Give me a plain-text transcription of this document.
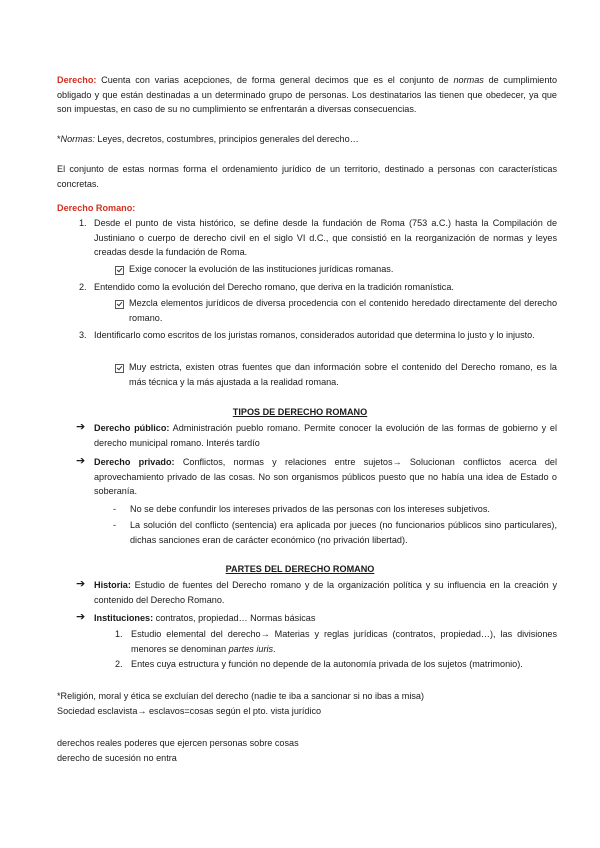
Derecho: Cuenta con varias acepciones, de forma general decimos que es el conjunto de normas de cumplimiento obligado y que están destinadas a un determinado grupo de personas. Los destinatarios las tienen que obedecer, ya que son impuestas, en caso de su no cumplimiento se enfrentarán a diversas consecuencias.
*Normas: Leyes, decretos, costumbres, principios generales del derecho…
El conjunto de estas normas forma el ordenamiento jurídico de un territorio, destinado a personas con características concretas.
Derecho Romano:
1. Desde el punto de vista histórico, se define desde la fundación de Roma (753 a.C.) hasta la Compilación de Justiniano o cuerpo de derecho civil en el siglo VI d.C., que consistió en la reorganización de normas y leyes creadas desde la fundación de Roma.
Exige conocer la evolución de las instituciones jurídicas romanas.
2. Entendido como la evolución del Derecho romano, que deriva en la tradición romanística.
Mezcla elementos jurídicos de diversa procedencia con el contenido heredado directamente del derecho romano.
3. Identificarlo como escritos de los juristas romanos, considerados autoridad que determina lo justo y lo injusto.
Muy estricta, existen otras fuentes que dan información sobre el contenido del Derecho romano, es la más técnica y la más ajustada a la realidad romana.
TIPOS DE DERECHO ROMANO
➔ Derecho público: Administración pueblo romano. Permite conocer la evolución de las formas de gobierno y el derecho municipal romano. Interés tardío
➔ Derecho privado: Conflictos, normas y relaciones entre sujetos→ Solucionan conflictos acerca del aprovechamiento privado de las cosas. No son organismos públicos puesto que no había una idea de Estado o soberanía.
- No se debe confundir los intereses privados de las personas con los intereses subjetivos.
- La solución del conflicto (sentencia) era aplicada por jueces (no funcionarios públicos sino particulares), dichas sanciones eran de carácter económico (no privación libertad).
PARTES DEL DERECHO ROMANO
➔ Historia: Estudio de fuentes del Derecho romano y de la organización política y su influencia en la creación y contenido del Derecho Romano.
➔ Instituciones: contratos, propiedad… Normas básicas
1. Estudio elemental del derecho→ Materias y reglas jurídicas (contratos, propiedad…), las divisiones menores se denominan partes iuris.
2. Entes cuya estructura y función no depende de la autonomía privada de los sujetos (matrimonio).
*Religión, moral y ética se excluían del derecho (nadie te iba a sancionar si no ibas a misa)
Sociedad esclavista→ esclavos=cosas según el pto. vista jurídico
derechos reales poderes que ejercen personas sobre cosas
derecho de sucesión no entra
